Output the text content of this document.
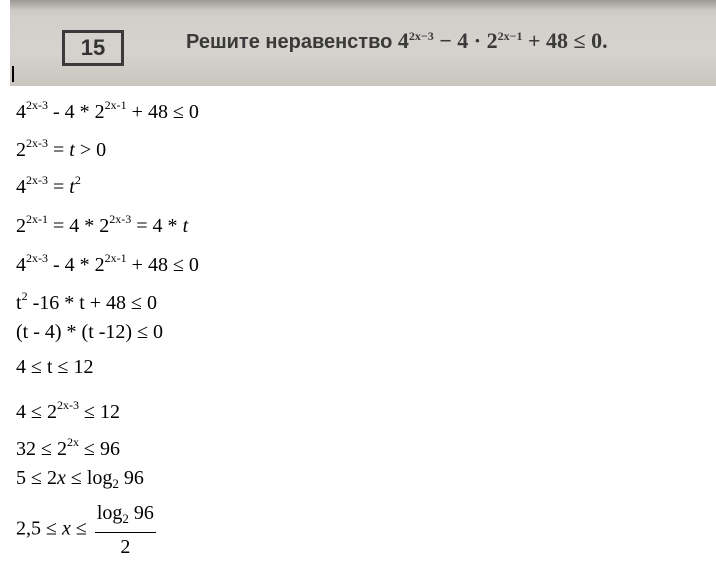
15	Решите неравенство $4^{2x-3} - 4 \cdot 2^{2x-1} + 48 \le 0$.
$4^{2x-3} - 4 * 2^{2x-1} + 48 \le 0$
$2^{2x-3} = t > 0$
$4^{2x-3} = t^2$
$2^{2x-1} = 4 * 2^{2x-3} = 4 * t$
$4^{2x-3} - 4 * 2^{2x-1} + 48 \le 0$
$t^2$ -16 * t + 48 ≤ 0
(t - 4) * (t -12) ≤ 0
4 ≤ t ≤ 12
$4 \le 2^{2x-3} \le 12$
$32 \le 2^{2x} \le 96$
$5 \le 2x \le \log_2 96$
$2,5 \le x \le \frac{\log_2 96}{2}$
